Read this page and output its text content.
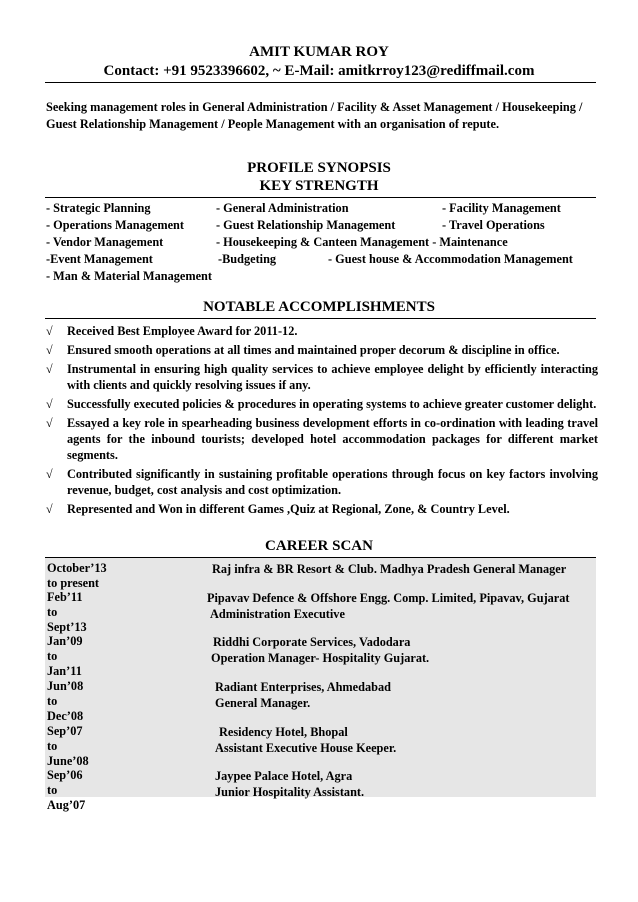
AMIT KUMAR ROY
Contact: +91 9523396602, ~ E-Mail: amitkrroy123@rediffmail.com
Seeking management roles in General Administration / Facility & Asset Management / Housekeeping / Guest Relationship Management / People Management with an organisation of repute.
PROFILE SYNOPSIS
KEY STRENGTH
- Strategic Planning	- General Administration	- Facility Management
- Operations Management	- Guest Relationship Management	- Travel Operations
- Vendor Management	- Housekeeping & Canteen Management - Maintenance
-Event Management	-Budgeting	- Guest house & Accommodation Management
- Man & Material Management
NOTABLE ACCOMPLISHMENTS
√ Received Best Employee Award for 2011-12.
√ Ensured smooth operations at all times and maintained proper decorum & discipline in office.
√ Instrumental in ensuring high quality services to achieve employee delight by efficiently interacting with clients and quickly resolving issues if any.
√ Successfully executed policies & procedures in operating systems to achieve greater customer delight.
√ Essayed a key role in spearheading business development efforts in co-ordination with leading travel agents for the inbound tourists; developed hotel accommodation packages for different market segments.
√ Contributed significantly in sustaining profitable operations through focus on key factors involving revenue, budget, cost analysis and cost optimization.
√ Represented and Won in different Games ,Quiz at Regional, Zone, & Country Level.
CAREER SCAN
October’13 to present
Raj infra & BR Resort & Club. Madhya Pradesh General Manager
Feb’11 to Sept’13
Pipavav Defence & Offshore Engg. Comp. Limited, Pipavav, Gujarat
Administration Executive
Jan’09 to Jan’11
Riddhi Corporate Services, Vadodara
Operation Manager- Hospitality Gujarat.
Jun’08 to Dec’08
Radiant Enterprises, Ahmedabad
General Manager.
Sep’07 to June’08
Residency Hotel, Bhopal
Assistant Executive House Keeper.
Sep’06 to Aug’07
Jaypee Palace Hotel, Agra
Junior Hospitality Assistant.
